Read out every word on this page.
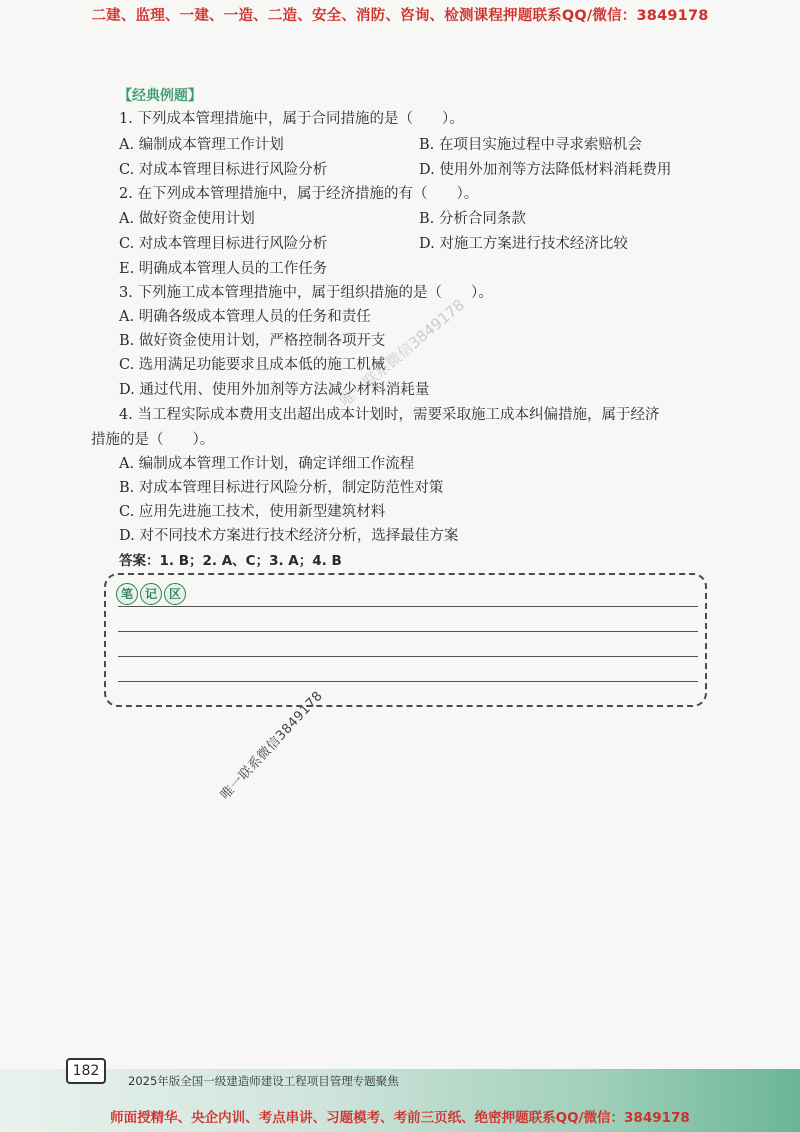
二建、监理、一建、一造、二造、安全、消防、咨询、检测课程押题联系QQ/微信：3849178
【经典例题】
1. 下列成本管理措施中，属于合同措施的是（　　）。
A. 编制成本管理工作计划	B. 在项目实施过程中寻求索赔机会
C. 对成本管理目标进行风险分析	D. 使用外加剂等方法降低材料消耗费用
2. 在下列成本管理措施中，属于经济措施的有（　　）。
A. 做好资金使用计划	B. 分析合同条款
C. 对成本管理目标进行风险分析	D. 对施工方案进行技术经济比较
E. 明确成本管理人员的工作任务
3. 下列施工成本管理措施中，属于组织措施的是（　　）。
A. 明确各级成本管理人员的任务和责任
B. 做好资金使用计划，严格控制各项开支
C. 选用满足功能要求且成本低的施工机械
D. 通过代用、使用外加剂等方法减少材料消耗量
4. 当工程实际成本费用支出超出成本计划时，需要采取施工成本纠偏措施，属于经济
措施的是（　　）。
A. 编制成本管理工作计划，确定详细工作流程
B. 对成本管理目标进行风险分析，制定防范性对策
C. 应用先进施工技术，使用新型建筑材料
D. 对不同技术方案进行技术经济分析，选择最佳方案
答案：1. B；2. A、C；3. A；4. B
笔 记 区
唯一联系微信3849178
唯一联系微信3849178
182
2025年版全国一级建造师建设工程项目管理专题聚焦
师面授精华、央企内训、考点串讲、习题模考、考前三页纸、绝密押题联系QQ/微信：3849178
